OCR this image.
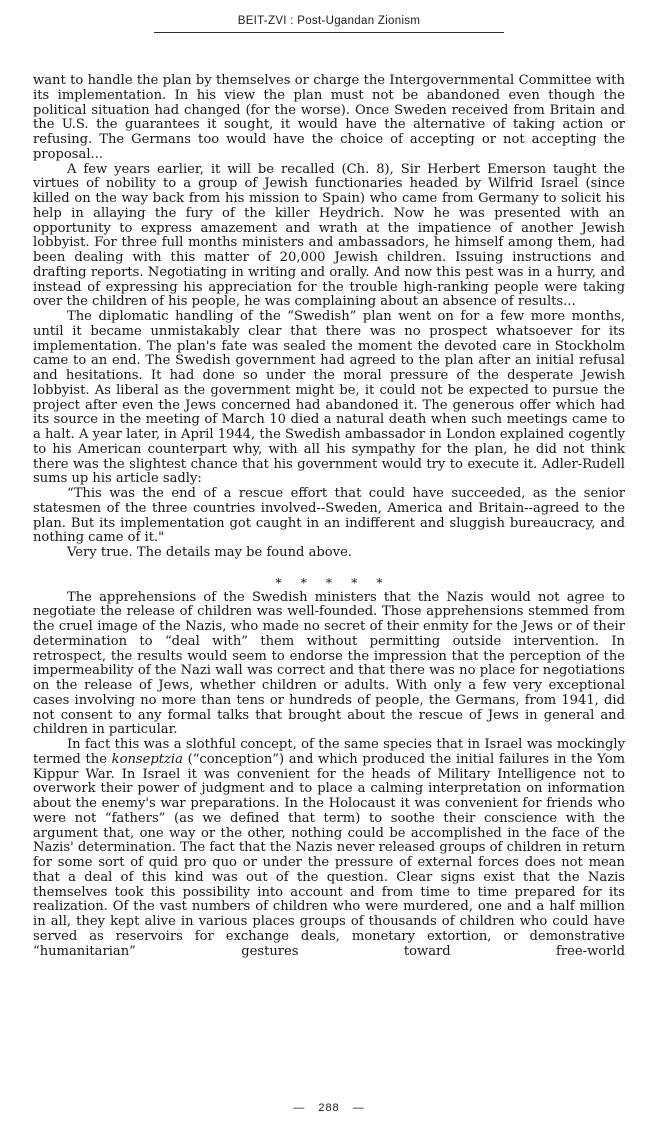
BEIT-ZVI : Post-Ugandan Zionism

want to handle the plan by themselves or charge the Intergovernmental Committee with its implementation. In his view the plan must not be abandoned even though the political situation had changed (for the worse). Once Sweden received from Britain and the U.S. the guarantees it sought, it would have the alternative of taking action or refusing. The Germans too would have the choice of accepting or not accepting the proposal...

A few years earlier, it will be recalled (Ch. 8), Sir Herbert Emerson taught the virtues of nobility to a group of Jewish functionaries headed by Wilfrid Israel (since killed on the way back from his mission to Spain) who came from Germany to solicit his help in allaying the fury of the killer Heydrich. Now he was presented with an opportunity to express amazement and wrath at the impatience of another Jewish lobbyist. For three full months ministers and ambassadors, he himself among them, had been dealing with this matter of 20,000 Jewish children. Issuing instructions and drafting reports. Negotiating in writing and orally. And now this pest was in a hurry, and instead of expressing his appreciation for the trouble high-ranking people were taking over the children of his people, he was complaining about an absence of results...

The diplomatic handling of the “Swedish” plan went on for a few more months, until it became unmistakably clear that there was no prospect whatsoever for its implementation. The plan's fate was sealed the moment the devoted care in Stockholm came to an end. The Swedish government had agreed to the plan after an initial refusal and hesitations. It had done so under the moral pressure of the desperate Jewish lobbyist. As liberal as the government might be, it could not be expected to pursue the project after even the Jews concerned had abandoned it. The generous offer which had its source in the meeting of March 10 died a natural death when such meetings came to a halt. A year later, in April 1944, the Swedish ambassador in London explained cogently to his American counterpart why, with all his sympathy for the plan, he did not think there was the slightest chance that his government would try to execute it. Adler-Rudell sums up his article sadly:

“This was the end of a rescue effort that could have succeeded, as the senior statesmen of the three countries involved--Sweden, America and Britain--agreed to the plan. But its implementation got caught in an indifferent and sluggish bureaucracy, and nothing came of it."

Very true. The details may be found above.

* * * * *

The apprehensions of the Swedish ministers that the Nazis would not agree to negotiate the release of children was well-founded. Those apprehensions stemmed from the cruel image of the Nazis, who made no secret of their enmity for the Jews or of their determination to “deal with” them without permitting outside intervention. In retrospect, the results would seem to endorse the impression that the perception of the impermeability of the Nazi wall was correct and that there was no place for negotiations on the release of Jews, whether children or adults. With only a few very exceptional cases involving no more than tens or hundreds of people, the Germans, from 1941, did not consent to any formal talks that brought about the rescue of Jews in general and children in particular.

In fact this was a slothful concept, of the same species that in Israel was mockingly termed the konseptzia (“conception”) and which produced the initial failures in the Yom Kippur War. In Israel it was convenient for the heads of Military Intelligence not to overwork their power of judgment and to place a calming interpretation on information about the enemy's war preparations. In the Holocaust it was convenient for friends who were not “fathers” (as we defined that term) to soothe their conscience with the argument that, one way or the other, nothing could be accomplished in the face of the Nazis' determination. The fact that the Nazis never released groups of children in return for some sort of quid pro quo or under the pressure of external forces does not mean that a deal of this kind was out of the question. Clear signs exist that the Nazis themselves took this possibility into account and from time to time prepared for its realization. Of the vast numbers of children who were murdered, one and a half million in all, they kept alive in various places groups of thousands of children who could have served as reservoirs for exchange deals, monetary extortion, or demonstrative “humanitarian” gestures toward free-world

— 288 —
